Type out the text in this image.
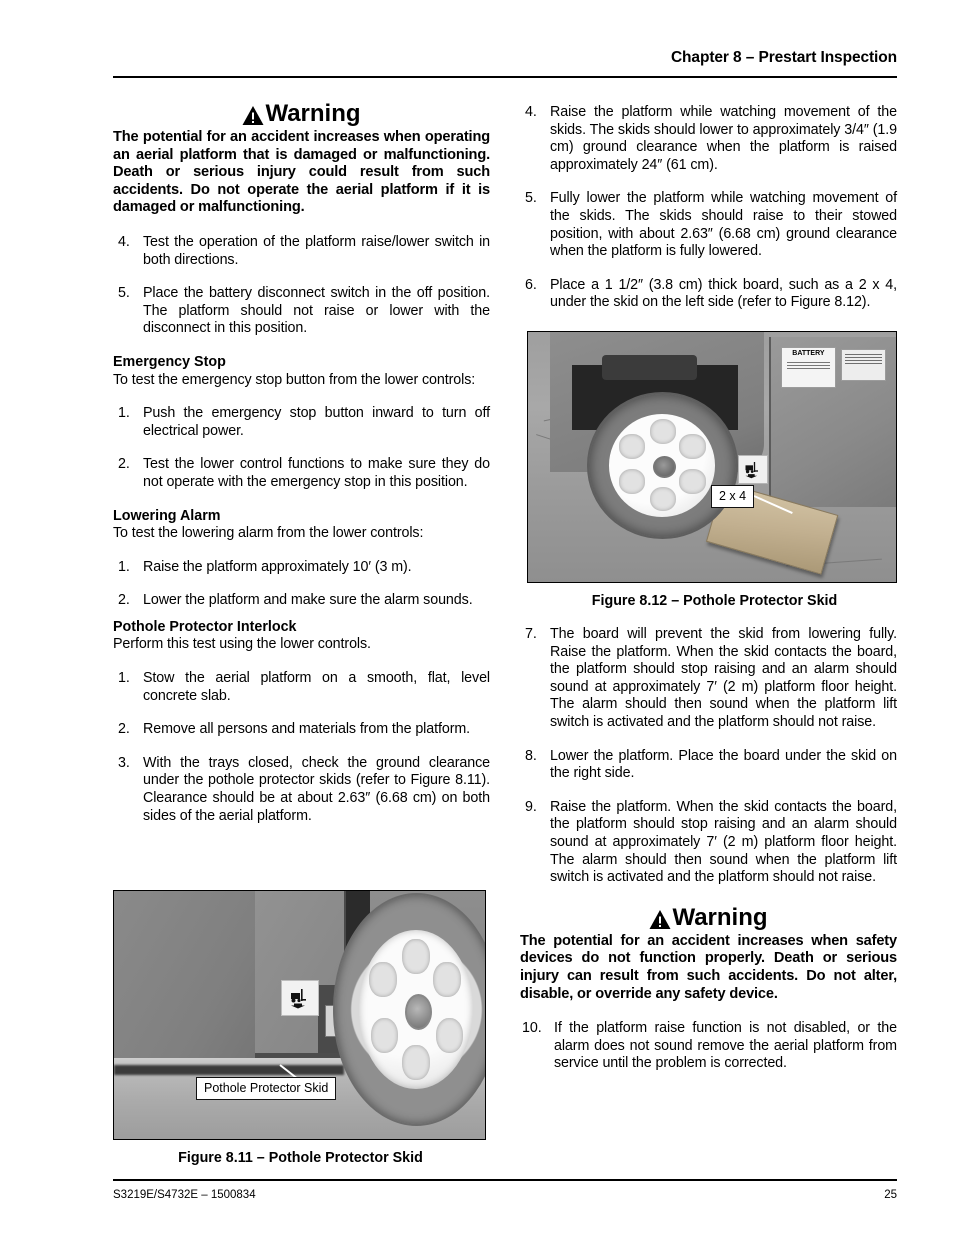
Chapter 8 – Prestart Inspection
Warning

The potential for an accident increases when operating an aerial platform that is damaged or malfunctioning. Death or serious injury could result from such accidents. Do not operate the aerial platform if it is damaged or malfunctioning.

4. Test the operation of the platform raise/lower switch in both directions.
5. Place the battery disconnect switch in the off position. The platform should not raise or lower with the disconnect in this position.
Emergency Stop

To test the emergency stop button from the lower controls:

1. Push the emergency stop button inward to turn off electrical power.
2. Test the lower control functions to make sure they do not operate with the emergency stop in this position.
Lowering Alarm

To test the lowering alarm from the lower controls:

1. Raise the platform approximately 10′ (3 m).
2. Lower the platform and make sure the alarm sounds.
Pothole Protector Interlock

Perform this test using the lower controls.

1. Stow the aerial platform on a smooth, flat, level concrete slab.
2. Remove all persons and materials from the platform.
3. With the trays closed, check the ground clearance under the pothole protector skids (refer to Figure 8.11). Clearance should be at about 2.63″ (6.68 cm) on both sides of the aerial platform.
Pothole Protector Skid
Figure 8.11 – Pothole Protector Skid
4. Raise the platform while watching movement of the skids. The skids should lower to approximately 3/4″ (1.9 cm) ground clearance when the platform is raised approximately 24″ (61 cm).
5. Fully lower the platform while watching movement of the skids. The skids should raise to their stowed position, with about 2.63″ (6.68 cm) ground clearance when the platform is fully lowered.
6. Place a 1 1/2″ (3.8 cm) thick board, such as a 2 x 4, under the skid on the left side (refer to Figure 8.12).
BATTERY
2 x 4
Figure 8.12 – Pothole Protector Skid
7. The board will prevent the skid from lowering fully. Raise the platform. When the skid contacts the board, the platform should stop raising and an alarm should sound at approximately 7′ (2 m) platform floor height. The alarm should then sound when the platform lift switch is activated and the platform should not raise.
8. Lower the platform. Place the board under the skid on the right side.
9. Raise the platform. When the skid contacts the board, the platform should stop raising and an alarm should sound at approximately 7′ (2 m) platform floor height. The alarm should then sound when the platform lift switch is activated and the platform should not raise.
Warning

The potential for an accident increases when safety devices do not function properly. Death or serious injury can result from such accidents. Do not alter, disable, or override any safety device.

10. If the platform raise function is not disabled, or the alarm does not sound remove the aerial platform from service until the problem is corrected.
S3219E/S4732E – 1500834	25
